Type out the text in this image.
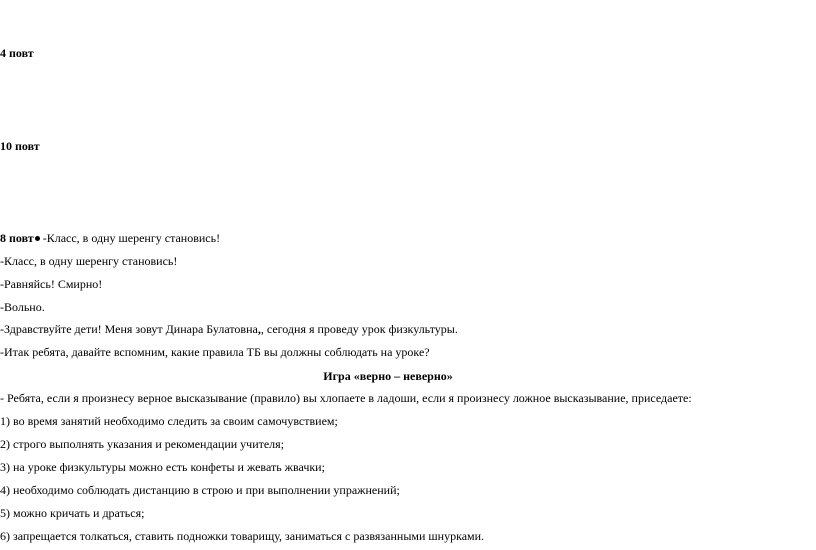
4 повт
10 повт
8 повт -Класс, в одну шеренгу становись!
-Класс, в одну шеренгу становись!
-Равняйсь! Смирно!
-Вольно.
-Здравствуйте дети! Меня зовут Динара Булатовна,, сегодня я проведу урок физкультуры.
-Итак ребята, давайте вспомним, какие правила ТБ вы должны соблюдать на уроке?
Игра «верно – неверно»
- Ребята, если я произнесу верное высказывание (правило) вы хлопаете в ладоши, если я произнесу ложное высказывание, приседаете:
1) во время занятий необходимо следить за своим самочувствием;
2) строго выполнять указания и рекомендации учителя;
3) на уроке физкультуры можно есть конфеты и жевать жвачки;
4) необходимо соблюдать дистанцию в строю и при выполнении упражнений;
5) можно кричать и драться;
6) запрещается толкаться, ставить подножки товарищу, заниматься с развязанными шнурками.
